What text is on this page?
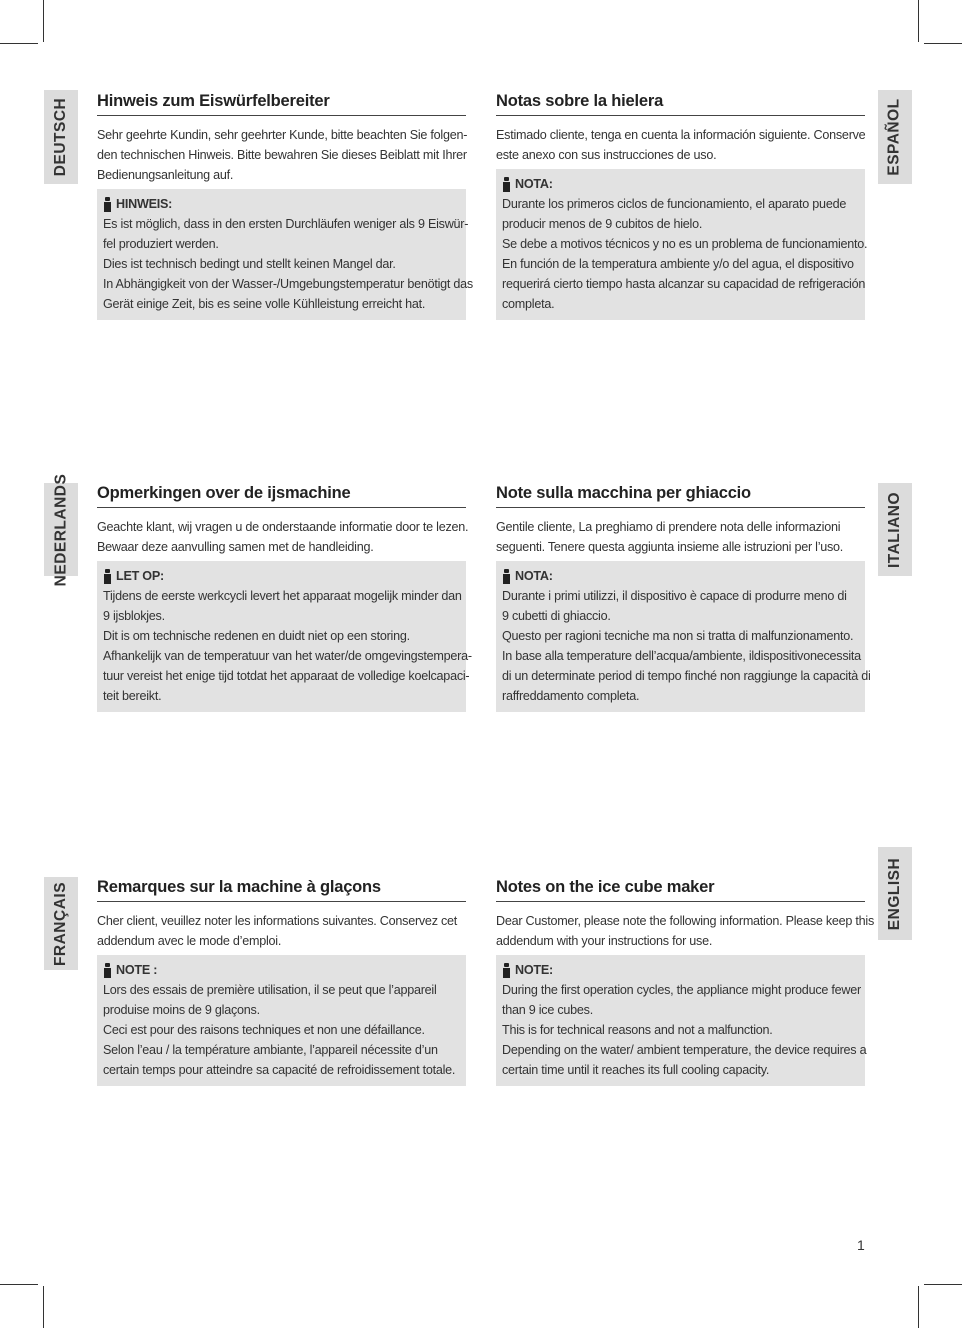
DEUTSCH	ESPAÑOL
NEDERLANDS	ITALIANO
FRANÇAIS	ENGLISH
Hinweis zum Eiswürfelbereiter
Sehr geehrte Kundin, sehr geehrter Kunde, bitte beachten Sie folgen-
den technischen Hinweis. Bitte bewahren Sie dieses Beiblatt mit Ihrer
Bedienungsanleitung auf.
HINWEIS:
Es ist möglich, dass in den ersten Durchläufen weniger als 9 Eiswür-
fel produziert werden.
Dies ist technisch bedingt und stellt keinen Mangel dar.
In Abhängigkeit von der Wasser-/Umgebungstemperatur benötigt das
Gerät einige Zeit, bis es seine volle Kühlleistung erreicht hat.
Notas sobre la hielera
Estimado cliente, tenga en cuenta la información siguiente. Conserve
este anexo con sus instrucciones de uso.
NOTA:
Durante los primeros ciclos de funcionamiento, el aparato puede
producir menos de 9 cubitos de hielo.
Se debe a motivos técnicos y no es un problema de funcionamiento.
En función de la temperatura ambiente y/o del agua, el dispositivo
requerirá cierto tiempo hasta alcanzar su capacidad de refrigeración
completa.
Opmerkingen over de ijsmachine
Geachte klant, wij vragen u de onderstaande informatie door te lezen.
Bewaar deze aanvulling samen met de handleiding.
LET OP:
Tijdens de eerste werkcycli levert het apparaat mogelijk minder dan
9 ijsblokjes.
Dit is om technische redenen en duidt niet op een storing.
Afhankelijk van de temperatuur van het water/de omgevingstempera-
tuur vereist het enige tijd totdat het apparaat de volledige koelcapaci-
teit bereikt.
Note sulla macchina per ghiaccio
Gentile cliente, La preghiamo di prendere nota delle informazioni
seguenti. Tenere questa aggiunta insieme alle istruzioni per l’uso.
NOTA:
Durante i primi utilizzi, il dispositivo è capace di produrre meno di
9 cubetti di ghiaccio.
Questo per ragioni tecniche ma non si tratta di malfunzionamento.
In base alla temperature dell’acqua/ambiente, ildispositivonecessita
di un determinate period di tempo finché non raggiunge la capacità di
raffreddamento completa.
Remarques sur la machine à glaçons
Cher client, veuillez noter les informations suivantes. Conservez cet
addendum avec le mode d’emploi.
NOTE :
Lors des essais de première utilisation, il se peut que l’appareil
produise moins de 9 glaçons.
Ceci est pour des raisons techniques et non une défaillance.
Selon l’eau / la température ambiante, l’appareil nécessite d’un
certain temps pour atteindre sa capacité de refroidissement totale.
Notes on the ice cube maker
Dear Customer, please note the following information. Please keep this
addendum with your instructions for use.
NOTE:
During the first operation cycles, the appliance might produce fewer
than 9 ice cubes.
This is for technical reasons and not a malfunction.
Depending on the water/ ambient temperature, the device requires a
certain time until it reaches its full cooling capacity.
1
